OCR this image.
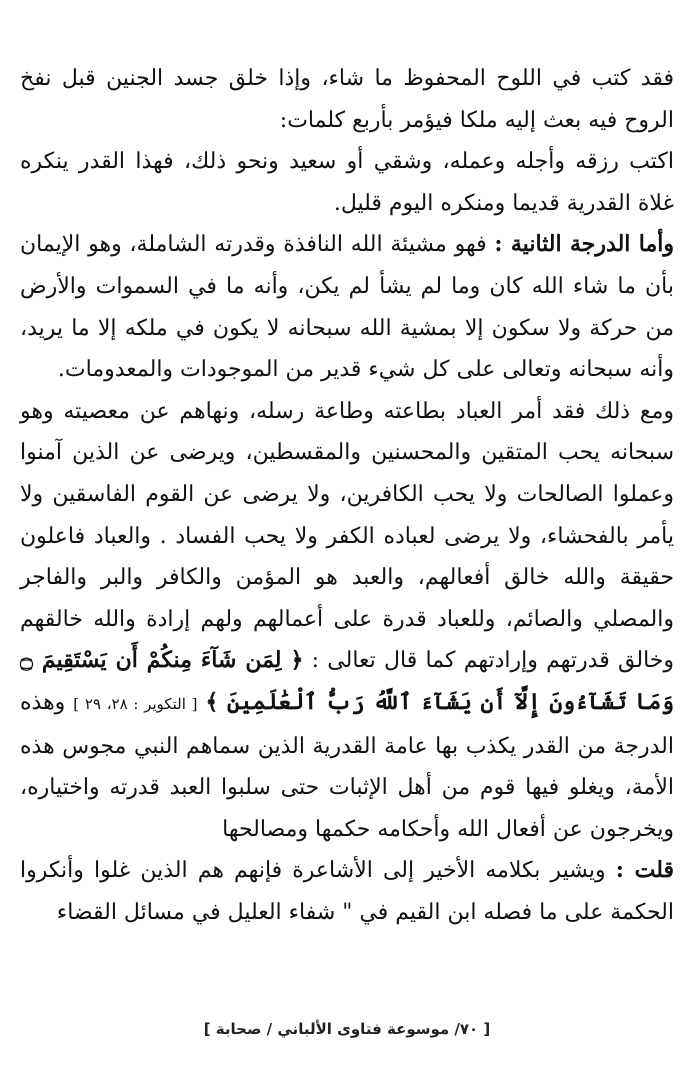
فقد كتب في اللوح المحفوظ ما شاء، وإذا خلق جسد الجنين قبل نفخ الروح فيه بعث إليه ملكا فيؤمر بأربع كلمات:

اكتب رزقه وأجله وعمله، وشقي أو سعيد ونحو ذلك، فهذا القدر ينكره غلاة القدرية قديما ومنكره اليوم قليل.

وأما الدرجة الثانية : فهو مشيئة الله النافذة وقدرته الشاملة، وهو الإيمان بأن ما شاء الله كان وما لم يشأ لم يكن، وأنه ما في السموات والأرض من حركة ولا سكون إلا بمشية الله سبحانه لا يكون في ملكه إلا ما يريد، وأنه سبحانه وتعالى على كل شيء قدير من الموجودات والمعدومات.

ومع ذلك فقد أمر العباد بطاعته وطاعة رسله، ونهاهم عن معصيته وهو سبحانه يحب المتقين والمحسنين والمقسطين، ويرضى عن الذين آمنوا وعملوا الصالحات ولا يحب الكافرين، ولا يرضى عن القوم الفاسقين ولا يأمر بالفحشاء، ولا يرضى لعباده الكفر ولا يحب الفساد . والعباد فاعلون حقيقة والله خالق أفعالهم، والعبد هو المؤمن والكافر والبر والفاجر والمصلي والصائم، وللعباد قدرة على أعمالهم ولهم إرادة والله خالقهم وخالق قدرتهم وإرادتهم كما قال تعالى : ﴿ لِمَن شَآءَ مِنكُمْ أَن يَسْتَقِيمَ ۝ وَمَا تَشَآءُونَ إِلَّآ أَن يَشَآءَ ٱللَّهُ رَبُّ ٱلْعَٰلَمِينَ ﴾ [ التكوير : ٢٨، ٢٩ ] وهذه الدرجة من القدر يكذب بها عامة القدرية الذين سماهم النبي مجوس هذه الأمة، ويغلو فيها قوم من أهل الإثبات حتى سلبوا العبد قدرته واختياره، ويخرجون عن أفعال الله وأحكامه حكمها ومصالحها

قلت : ويشير بكلامه الأخير إلى الأشاعرة فإنهم هم الذين غلوا وأنكروا الحكمة على ما فصله ابن القيم في " شفاء العليل في مسائل القضاء

[ ٧٠/ موسوعة فتاوى الألباني / صحابة ]
